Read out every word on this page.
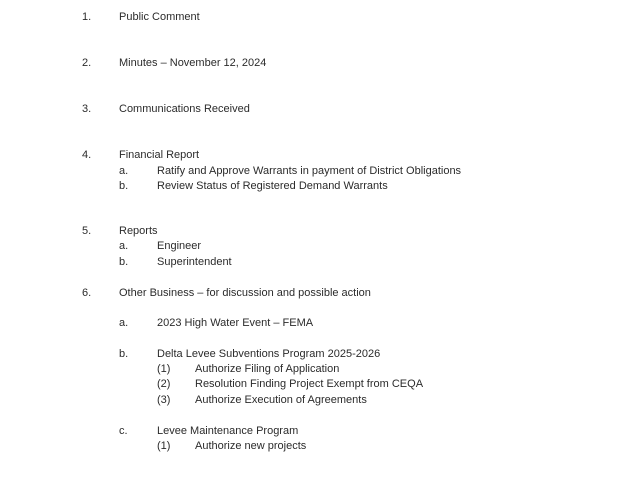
1.	Public Comment
2.	Minutes – November 12, 2024
3.	Communications Received
4.	Financial Report
a.	Ratify and Approve Warrants in payment of District Obligations
b.	Review Status of Registered Demand Warrants
5.	Reports
a.	Engineer
b.	Superintendent
6.	Other Business – for discussion and possible action
a.	2023 High Water Event – FEMA
b.	Delta Levee Subventions Program 2025-2026
(1) Authorize Filing of Application
(2) Resolution Finding Project Exempt from CEQA
(3) Authorize Execution of Agreements
c.	Levee Maintenance Program
(1) Authorize new projects
